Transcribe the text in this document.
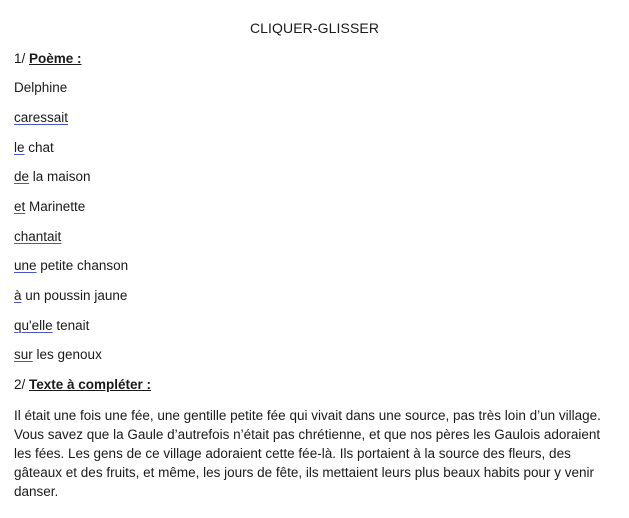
CLIQUER-GLISSER
1/ Poème :
Delphine
caressait
le chat
de la maison
et Marinette
chantait
une petite chanson
à un poussin jaune
qu'elle tenait
sur les genoux
2/ Texte à compléter :
Il était une fois une fée, une gentille petite fée qui vivait dans une source, pas très loin d’un village.
Vous savez que la Gaule d’autrefois n’était pas chrétienne, et que nos pères les Gaulois adoraient
les fées. Les gens de ce village adoraient cette fée-là. Ils portaient à la source des fleurs, des
gâteaux et des fruits, et même, les jours de fête, ils mettaient leurs plus beaux habits pour y venir
danser.
